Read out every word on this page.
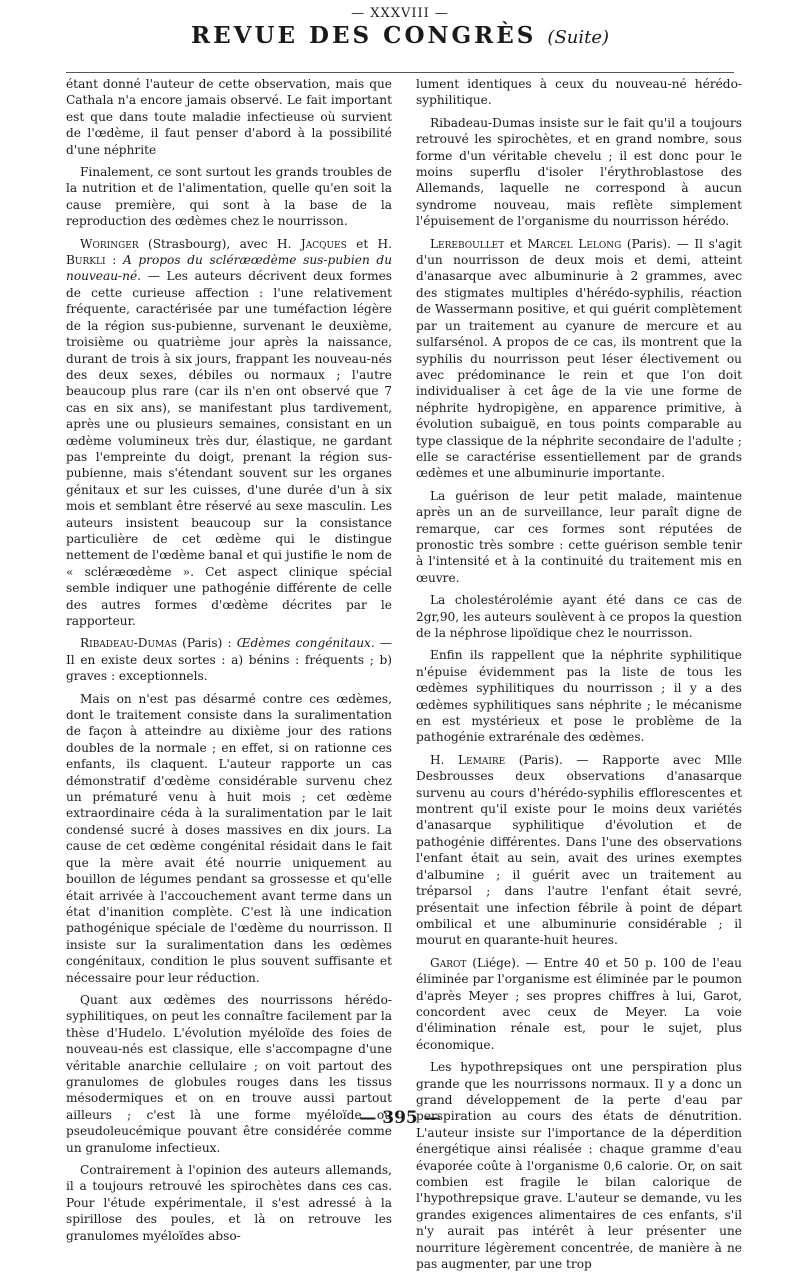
— XXXVIII —
REVUE DES CONGRÈS (Suite)

étant donné l'auteur de cette observation, mais que Cathala n'a encore jamais observé. Le fait important est que dans toute maladie infectieuse où survient de l'œdème, il faut penser d'abord à la possibilité d'une néphrite

Finalement, ce sont surtout les grands troubles de la nutrition et de l'alimentation, quelle qu'en soit la cause première, qui sont à la base de la reproduction des œdèmes chez le nourrisson.

Woringer (Strasbourg), avec H. Jacques et H. Burkli : A propos du scléræœdème sus-pubien du nouveau-né. — Les auteurs décrivent deux formes de cette curieuse affection : l'une relativement fréquente, caractérisée par une tuméfaction légère de la région sus-pubienne, survenant le deuxième, troisième ou quatrième jour après la naissance, durant de trois à six jours, frappant les nouveau-nés des deux sexes, débiles ou normaux ; l'autre beaucoup plus rare (car ils n'en ont observé que 7 cas en six ans), se manifestant plus tardivement, après une ou plusieurs semaines, consistant en un œdème volumineux très dur, élastique, ne gardant pas l'empreinte du doigt, prenant la région sus-pubienne, mais s'étendant souvent sur les organes génitaux et sur les cuisses, d'une durée d'un à six mois et semblant être réservé au sexe masculin. Les auteurs insistent beaucoup sur la consistance particulière de cet œdème qui le distingue nettement de l'œdème banal et qui justifie le nom de « scléræœdème ». Cet aspect clinique spécial semble indiquer une pathogénie différente de celle des autres formes d'œdème décrites par le rapporteur.

Ribadeau-Dumas (Paris) : Œdèmes congénitaux. — Il en existe deux sortes : a) bénins : fréquents ; b) graves : exceptionnels.

Mais on n'est pas désarmé contre ces œdèmes, dont le traitement consiste dans la suralimentation de façon à atteindre au dixième jour des rations doubles de la normale ; en effet, si on rationne ces enfants, ils claquent. L'auteur rapporte un cas démonstratif d'œdème considérable survenu chez un prématuré venu à huit mois ; cet œdème extraordinaire céda à la suralimentation par le lait condensé sucré à doses massives en dix jours. La cause de cet œdème congénital résidait dans le fait que la mère avait été nourrie uniquement au bouillon de légumes pendant sa grossesse et qu'elle était arrivée à l'accouchement avant terme dans un état d'inanition complète. C'est là une indication pathogénique spéciale de l'œdème du nourrisson. Il insiste sur la suralimentation dans les œdèmes congénitaux, condition le plus souvent suffisante et nécessaire pour leur réduction.

Quant aux œdèmes des nourrissons hérédo-syphilitiques, on peut les connaître facilement par la thèse d'Hudelo. L'évolution myéloïde des foies de nouveau-nés est classique, elle s'accompagne d'une véritable anarchie cellulaire ; on voit partout des granulomes de globules rouges dans les tissus mésodermiques et on en trouve aussi partout ailleurs ; c'est là une forme myéloïde ou pseudoleucémique pouvant être considérée comme un granulome infectieux.

Contrairement à l'opinion des auteurs allemands, il a toujours retrouvé les spirochètes dans ces cas. Pour l'étude expérimentale, il s'est adressé à la spirillose des poules, et là on retrouve les granulomes myéloïdes abso-

lument identiques à ceux du nouveau-né hérédo-syphilitique.

Ribadeau-Dumas insiste sur le fait qu'il a toujours retrouvé les spirochètes, et en grand nombre, sous forme d'un véritable chevelu ; il est donc pour le moins superflu d'isoler l'érythroblastose des Allemands, laquelle ne correspond à aucun syndrome nouveau, mais reflète simplement l'épuisement de l'organisme du nourrisson hérédo.

Lereboullet et Marcel Lelong (Paris). — Il s'agit d'un nourrisson de deux mois et demi, atteint d'anasarque avec albuminurie à 2 grammes, avec des stigmates multiples d'hérédo-syphilis, réaction de Wassermann positive, et qui guérit complètement par un traitement au cyanure de mercure et au sulfarsénol. A propos de ce cas, ils montrent que la syphilis du nourrisson peut léser électivement ou avec prédominance le rein et que l'on doit individualiser à cet âge de la vie une forme de néphrite hydropigène, en apparence primitive, à évolution subaiguë, en tous points comparable au type classique de la néphrite secondaire de l'adulte ; elle se caractérise essentiellement par de grands œdèmes et une albuminurie importante.

La guérison de leur petit malade, maintenue après un an de surveillance, leur paraît digne de remarque, car ces formes sont réputées de pronostic très sombre : cette guérison semble tenir à l'intensité et à la continuité du traitement mis en œuvre.

La cholestérolémie ayant été dans ce cas de 2gr,90, les auteurs soulèvent à ce propos la question de la néphrose lipoïdique chez le nourrisson.

Enfin ils rappellent que la néphrite syphilitique n'épuise évidemment pas la liste de tous les œdèmes syphilitiques du nourrisson ; il y a des œdèmes syphilitiques sans néphrite ; le mécanisme en est mystérieux et pose le problème de la pathogénie extrarénale des œdèmes.

H. Lemaire (Paris). — Rapporte avec Mlle Desbrousses deux observations d'anasarque survenu au cours d'hérédo-syphilis efflorescentes et montrent qu'il existe pour le moins deux variétés d'anasarque syphilitique d'évolution et de pathogénie différentes. Dans l'une des observations l'enfant était au sein, avait des urines exemptes d'albumine ; il guérit avec un traitement au tréparsol ; dans l'autre l'enfant était sevré, présentait une infection fébrile à point de départ ombilical et une albuminurie considérable ; il mourut en quarante-huit heures.

Garot (Liége). — Entre 40 et 50 p. 100 de l'eau éliminée par l'organisme est éliminée par le poumon d'après Meyer ; ses propres chiffres à lui, Garot, concordent avec ceux de Meyer. La voie d'élimination rénale est, pour le sujet, plus économique.

Les hypothrepsiques ont une perspiration plus grande que les nourrissons normaux. Il y a donc un grand développement de la perte d'eau par perspiration au cours des états de dénutrition. L'auteur insiste sur l'importance de la déperdition énergétique ainsi réalisée : chaque gramme d'eau évaporée coûte à l'organisme 0,6 calorie. Or, on sait combien est fragile le bilan calorique de l'hypothrepsique grave. L'auteur se demande, vu les grandes exigences alimentaires de ces enfants, s'il n'y aurait pas intérêt à leur présenter une nourriture légèrement concentrée, de manière à ne pas augmenter, par une trop

— 395 —
